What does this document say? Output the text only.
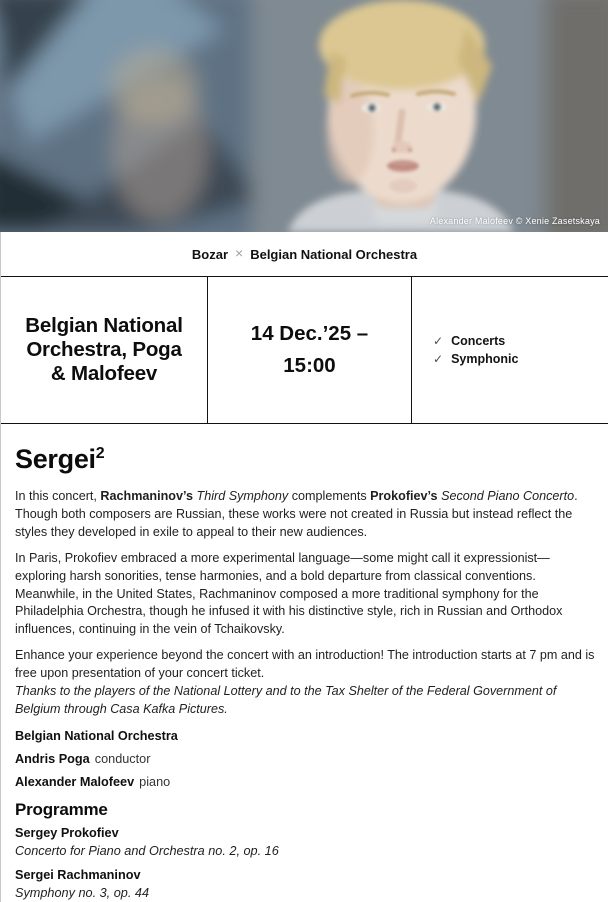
Alexander Malofeev © Xenie Zasetskaya
Bozar × Belgian National Orchestra
Belgian National Orchestra, Poga & Malofeev
14 Dec.’25 –
15:00
✓ Concerts
✓ Symphonic
Sergei$^2$

In this concert, Rachmaninov’s Third Symphony complements Prokofiev’s Second Piano Concerto. Though both composers are Russian, these works were not created in Russia but instead reflect the styles they developed in exile to appeal to their new audiences.

In Paris, Prokofiev embraced a more experimental language—some might call it expressionist—exploring harsh sonorities, tense harmonies, and a bold departure from classical conventions. Meanwhile, in the United States, Rachmaninov composed a more traditional symphony for the Philadelphia Orchestra, though he infused it with his distinctive style, rich in Russian and Orthodox influences, continuing in the vein of Tchaikovsky.

Enhance your experience beyond the concert with an introduction! The introduction starts at 7 pm and is free upon presentation of your concert ticket.
Thanks to the players of the National Lottery and to the Tax Shelter of the Federal Government of Belgium through Casa Kafka Pictures.

Belgian National Orchestra
Andris Poga conductor
Alexander Malofeev piano
Programme
Sergey Prokofiev
Concerto for Piano and Orchestra no. 2, op. 16
Sergei Rachmaninov
Symphony no. 3, op. 44
